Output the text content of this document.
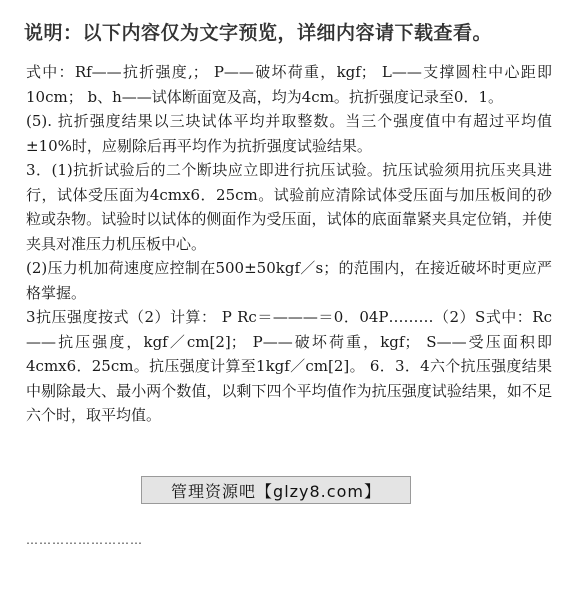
说明：以下内容仅为文字预览，详细内容请下载查看。

式中：Rf——抗折强度,； P——破坏荷重，kgf； L——支撑圆柱中心距即10cm； b、h——试体断面宽及高，均为4cm。抗折强度记录至0．1。

(5). 抗折强度结果以三块试体平均并取整数。当三个强度值中有超过平均值±10%时，应剔除后再平均作为抗折强度试验结果。

3．(1)抗折试验后的二个断块应立即进行抗压试验。抗压试验须用抗压夹具进行，试体受压面为4cmx6．25cm。试验前应清除试体受压面与加压板间的砂粒或杂物。试验时以试体的侧面作为受压面，试体的底面靠紧夹具定位销，并使夹具对准压力机压板中心。

(2)压力机加荷速度应控制在500±50kgf／s；的范围内，在接近破坏时更应严格掌握。

3抗压强度按式（2）计算： P Rc＝———＝0．04P………（2）S式中：Rc——抗压强度，kgf／cm[2]； P——破坏荷重，kgf； S——受压面积即4cmx6．25cm。抗压强度计算至1kgf／cm[2]。 6．3．4六个抗压强度结果中剔除最大、最小两个数值，以剩下四个平均值作为抗压强度试验结果，如不足六个时，取平均值。

………………………
管理资源吧【glzy8.com】
